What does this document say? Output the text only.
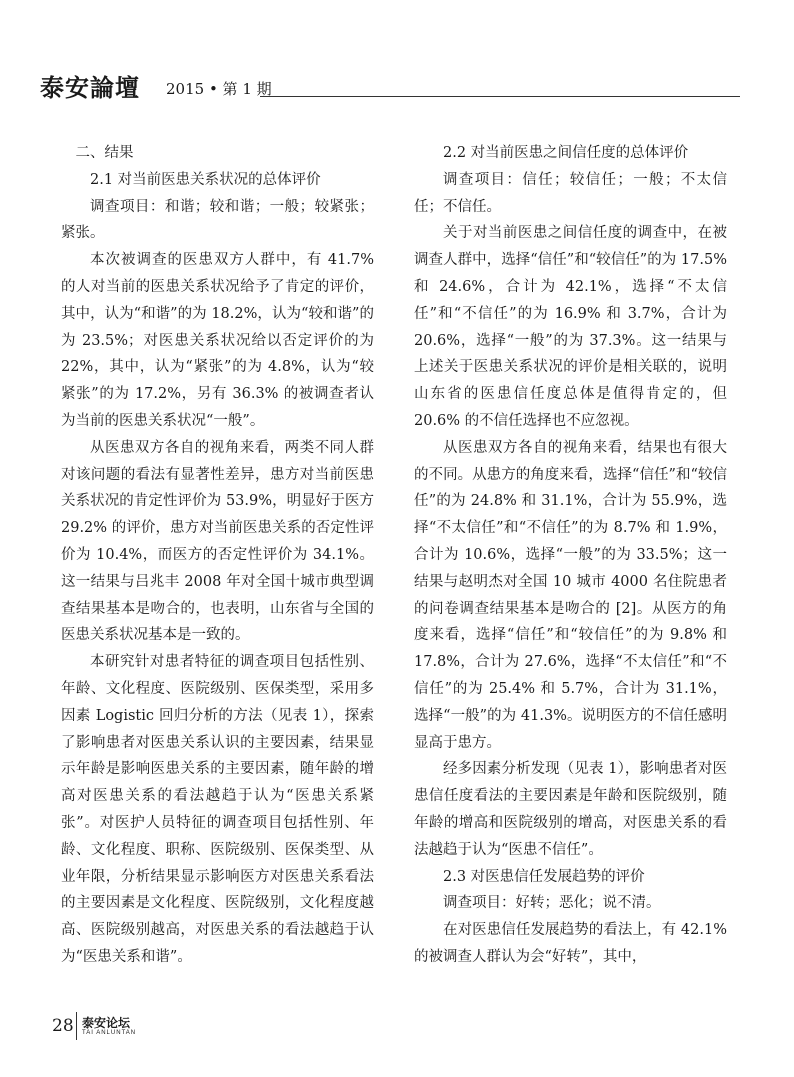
泰安論壇 2015 • 第 1 期
二、结果
2.1 对当前医患关系状况的总体评价

调查项目：和谐；较和谐；一般；较紧张；紧张。

本次被调查的医患双方人群中，有 41.7% 的人对当前的医患关系状况给予了肯定的评价，其中，认为“和谐”的为 18.2%，认为“较和谐”的为 23.5%；对医患关系状况给以否定评价的为 22%，其中，认为“紧张”的为 4.8%，认为“较紧张”的为 17.2%，另有 36.3% 的被调查者认为当前的医患关系状况“一般”。

从医患双方各自的视角来看，两类不同人群对该问题的看法有显著性差异，患方对当前医患关系状况的肯定性评价为 53.9%，明显好于医方 29.2% 的评价，患方对当前医患关系的否定性评价为 10.4%，而医方的否定性评价为 34.1%。这一结果与吕兆丰 2008 年对全国十城市典型调查结果基本是吻合的，也表明，山东省与全国的医患关系状况基本是一致的。

本研究针对患者特征的调查项目包括性别、年龄、文化程度、医院级别、医保类型，采用多因素 Logistic 回归分析的方法（见表 1），探索了影响患者对医患关系认识的主要因素，结果显示年龄是影响医患关系的主要因素，随年龄的增高对医患关系的看法越趋于认为“医患关系紧张”。对医护人员特征的调查项目包括性别、年龄、文化程度、职称、医院级别、医保类型、从业年限，分析结果显示影响医方对医患关系看法的主要因素是文化程度、医院级别，文化程度越高、医院级别越高，对医患关系的看法越趋于认为“医患关系和谐”。

2.2 对当前医患之间信任度的总体评价

调查项目：信任；较信任；一般；不太信任；不信任。

关于对当前医患之间信任度的调查中，在被调查人群中，选择“信任”和“较信任”的为 17.5% 和 24.6%，合计为 42.1%，选择“不太信任”和“不信任”的为 16.9% 和 3.7%，合计为 20.6%，选择“一般”的为 37.3%。这一结果与上述关于医患关系状况的评价是相关联的，说明山东省的医患信任度总体是值得肯定的，但 20.6% 的不信任选择也不应忽视。

从医患双方各自的视角来看，结果也有很大的不同。从患方的角度来看，选择“信任”和“较信任”的为 24.8% 和 31.1%，合计为 55.9%，选择“不太信任”和“不信任”的为 8.7% 和 1.9%，合计为 10.6%，选择“一般”的为 33.5%；这一结果与赵明杰对全国 10 城市 4000 名住院患者的问卷调查结果基本是吻合的 [2]。从医方的角度来看，选择“信任”和“较信任”的为 9.8% 和 17.8%，合计为 27.6%，选择“不太信任”和“不信任”的为 25.4% 和 5.7%，合计为 31.1%，选择“一般”的为 41.3%。说明医方的不信任感明显高于患方。

经多因素分析发现（见表 1），影响患者对医患信任度看法的主要因素是年龄和医院级别，随年龄的增高和医院级别的增高，对医患关系的看法越趋于认为“医患不信任”。

2.3 对医患信任发展趋势的评价

调查项目：好转；恶化；说不清。

在对医患信任发展趋势的看法上，有 42.1% 的被调查人群认为会“好转”，其中，

28 泰安论坛
TAI ANLUNTAN
